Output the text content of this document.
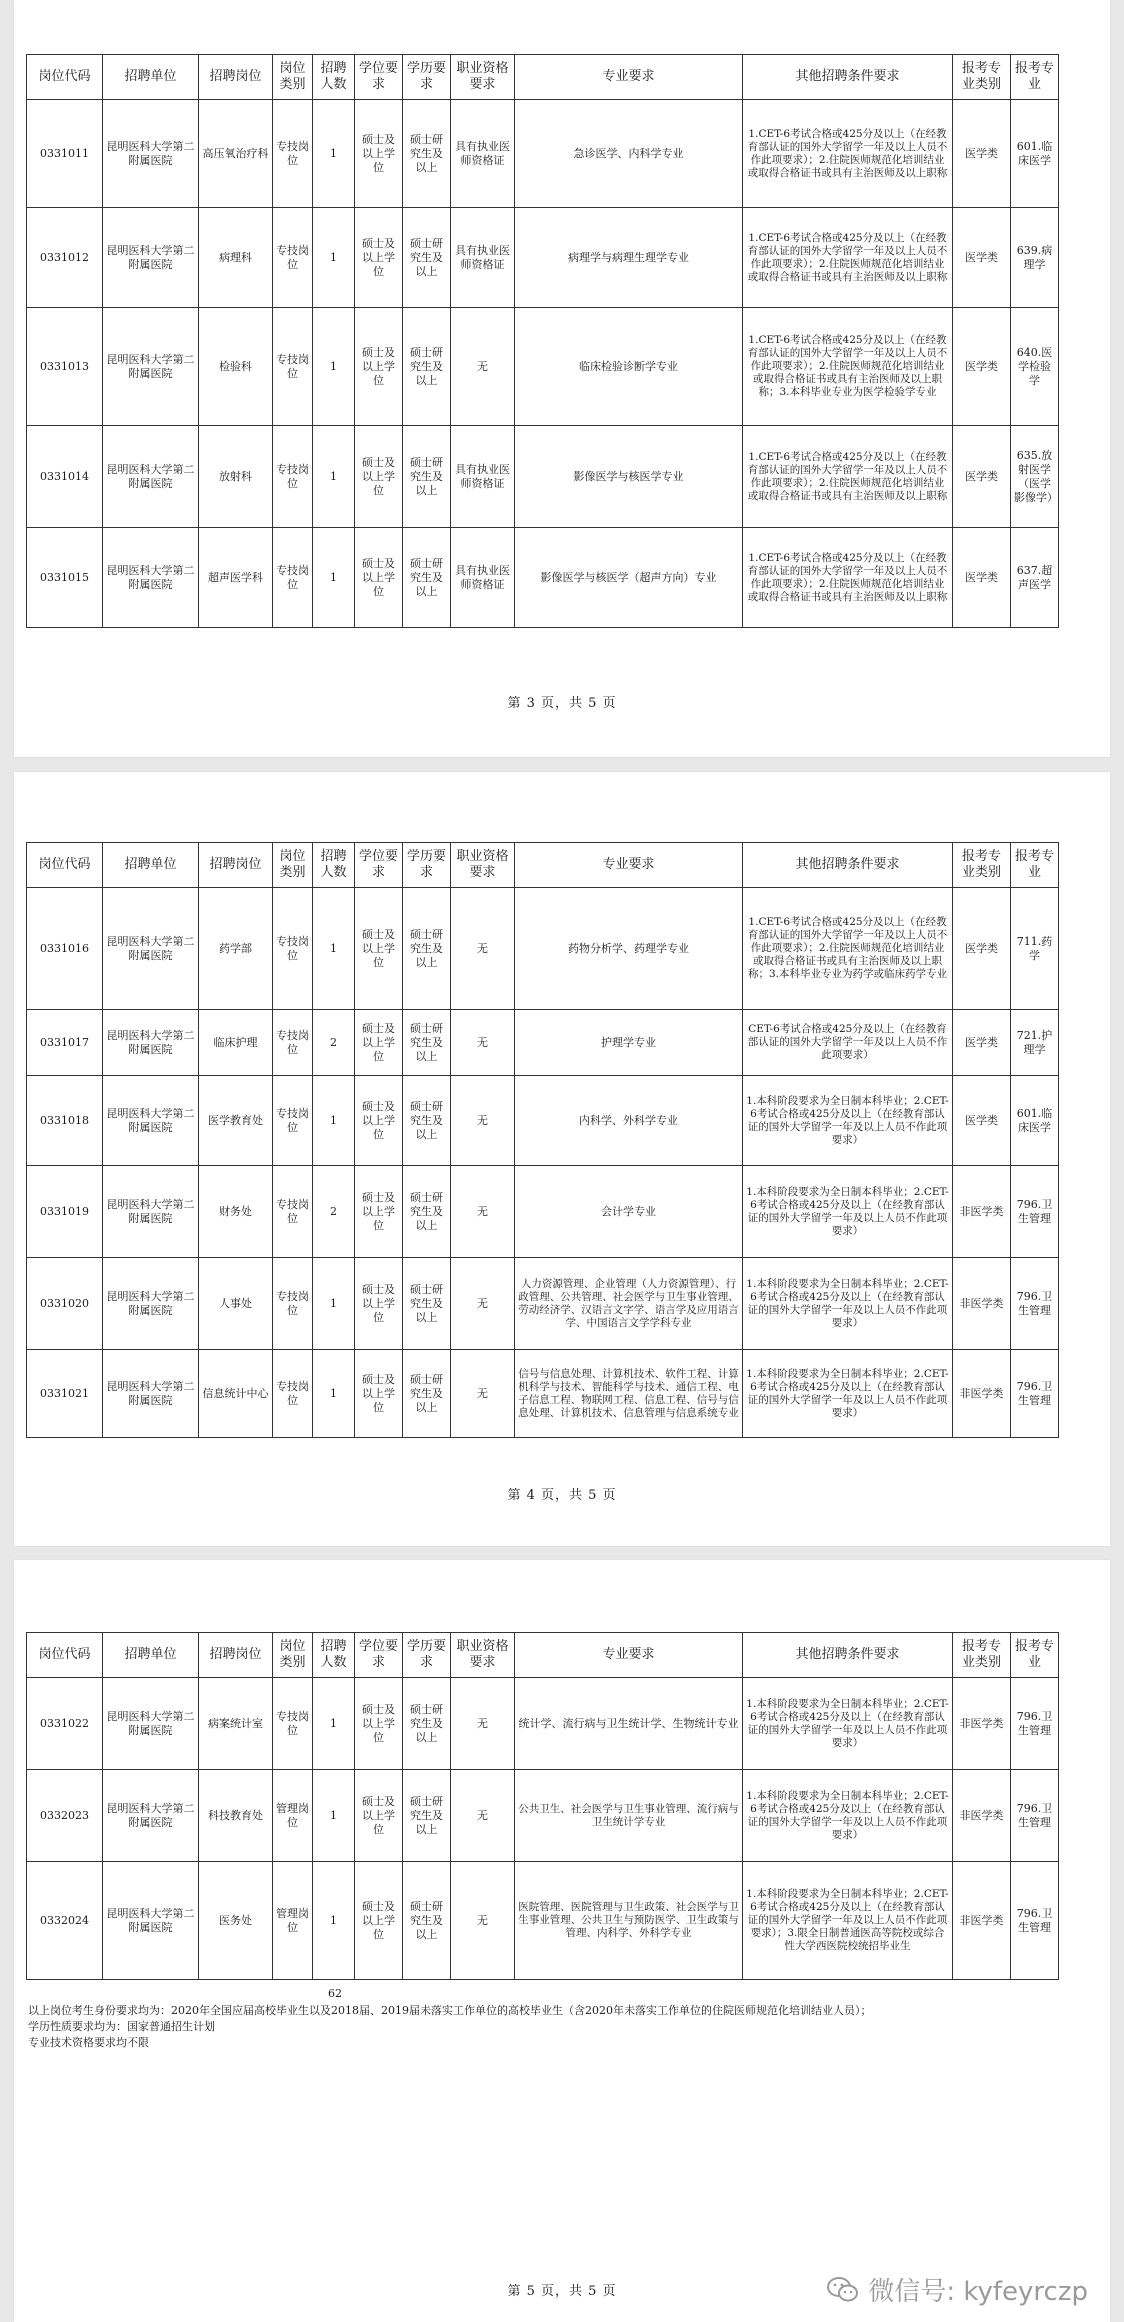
岗位代码	招聘单位	招聘岗位	岗位类别	招聘人数	学位要求	学历要求	职业资格要求	专业要求	其他招聘条件要求	报考专业类别	报考专业
0331011	昆明医科大学第二附属医院	高压氧治疗科	专技岗位	1	硕士及以上学位	硕士研究生及以上	具有执业医师资格证	急诊医学、内科学专业	1.CET-6考试合格或425分及以上（在经教育部认证的国外大学留学一年及以上人员不作此项要求）；2.住院医师规范化培训结业或取得合格证书或具有主治医师及以上职称	医学类	601.临床医学
0331012	昆明医科大学第二附属医院	病理科	专技岗位	1	硕士及以上学位	硕士研究生及以上	具有执业医师资格证	病理学与病理生理学专业	1.CET-6考试合格或425分及以上（在经教育部认证的国外大学留学一年及以上人员不作此项要求）；2.住院医师规范化培训结业或取得合格证书或具有主治医师及以上职称	医学类	639.病理学
0331013	昆明医科大学第二附属医院	检验科	专技岗位	1	硕士及以上学位	硕士研究生及以上	无	临床检验诊断学专业	1.CET-6考试合格或425分及以上（在经教育部认证的国外大学留学一年及以上人员不作此项要求）；2.住院医师规范化培训结业或取得合格证书或具有主治医师及以上职称；3.本科毕业专业为医学检验学专业	医学类	640.医学检验学
0331014	昆明医科大学第二附属医院	放射科	专技岗位	1	硕士及以上学位	硕士研究生及以上	具有执业医师资格证	影像医学与核医学专业	1.CET-6考试合格或425分及以上（在经教育部认证的国外大学留学一年及以上人员不作此项要求）；2.住院医师规范化培训结业或取得合格证书或具有主治医师及以上职称	医学类	635.放射医学（医学影像学）
0331015	昆明医科大学第二附属医院	超声医学科	专技岗位	1	硕士及以上学位	硕士研究生及以上	具有执业医师资格证	影像医学与核医学（超声方向）专业	1.CET-6考试合格或425分及以上（在经教育部认证的国外大学留学一年及以上人员不作此项要求）；2.住院医师规范化培训结业或取得合格证书或具有主治医师及以上职称	医学类	637.超声医学
第 3 页，共 5 页
岗位代码	招聘单位	招聘岗位	岗位类别	招聘人数	学位要求	学历要求	职业资格要求	专业要求	其他招聘条件要求	报考专业类别	报考专业
0331016	昆明医科大学第二附属医院	药学部	专技岗位	1	硕士及以上学位	硕士研究生及以上	无	药物分析学、药理学专业	1.CET-6考试合格或425分及以上（在经教育部认证的国外大学留学一年及以上人员不作此项要求）；2.住院医师规范化培训结业或取得合格证书或具有主治医师及以上职称；3.本科毕业专业为药学或临床药学专业	医学类	711.药学
0331017	昆明医科大学第二附属医院	临床护理	专技岗位	2	硕士及以上学位	硕士研究生及以上	无	护理学专业	CET-6考试合格或425分及以上（在经教育部认证的国外大学留学一年及以上人员不作此项要求）	医学类	721.护理学
0331018	昆明医科大学第二附属医院	医学教育处	专技岗位	1	硕士及以上学位	硕士研究生及以上	无	内科学、外科学专业	1.本科阶段要求为全日制本科毕业；2.CET-6考试合格或425分及以上（在经教育部认证的国外大学留学一年及以上人员不作此项要求）	医学类	601.临床医学
0331019	昆明医科大学第二附属医院	财务处	专技岗位	2	硕士及以上学位	硕士研究生及以上	无	会计学专业	1.本科阶段要求为全日制本科毕业；2.CET-6考试合格或425分及以上（在经教育部认证的国外大学留学一年及以上人员不作此项要求）	非医学类	796.卫生管理
0331020	昆明医科大学第二附属医院	人事处	专技岗位	1	硕士及以上学位	硕士研究生及以上	无	人力资源管理、企业管理（人力资源管理）、行政管理、公共管理、社会医学与卫生事业管理、劳动经济学、汉语言文字学、语言学及应用语言学、中国语言文学学科专业	1.本科阶段要求为全日制本科毕业；2.CET-6考试合格或425分及以上（在经教育部认证的国外大学留学一年及以上人员不作此项要求）	非医学类	796.卫生管理
0331021	昆明医科大学第二附属医院	信息统计中心	专技岗位	1	硕士及以上学位	硕士研究生及以上	无	信号与信息处理、计算机技术、软件工程、计算机科学与技术、智能科学与技术、通信工程、电子信息工程、物联网工程、信息工程、信号与信息处理、计算机技术、信息管理与信息系统专业	1.本科阶段要求为全日制本科毕业；2.CET-6考试合格或425分及以上（在经教育部认证的国外大学留学一年及以上人员不作此项要求）	非医学类	796.卫生管理
第 4 页，共 5 页
岗位代码	招聘单位	招聘岗位	岗位类别	招聘人数	学位要求	学历要求	职业资格要求	专业要求	其他招聘条件要求	报考专业类别	报考专业
0331022	昆明医科大学第二附属医院	病案统计室	专技岗位	1	硕士及以上学位	硕士研究生及以上	无	统计学、流行病与卫生统计学、生物统计专业	1.本科阶段要求为全日制本科毕业；2.CET-6考试合格或425分及以上（在经教育部认证的国外大学留学一年及以上人员不作此项要求）	非医学类	796.卫生管理
0332023	昆明医科大学第二附属医院	科技教育处	管理岗位	1	硕士及以上学位	硕士研究生及以上	无	公共卫生、社会医学与卫生事业管理、流行病与卫生统计学专业	1.本科阶段要求为全日制本科毕业；2.CET-6考试合格或425分及以上（在经教育部认证的国外大学留学一年及以上人员不作此项要求）	非医学类	796.卫生管理
0332024	昆明医科大学第二附属医院	医务处	管理岗位	1	硕士及以上学位	硕士研究生及以上	无	医院管理、医院管理与卫生政策、社会医学与卫生事业管理、公共卫生与预防医学、卫生政策与管理、内科学、外科学专业	1.本科阶段要求为全日制本科毕业；2.CET-6考试合格或425分及以上（在经教育部认证的国外大学留学一年及以上人员不作此项要求）；3.限全日制普通医高等院校或综合性大学西医院校统招毕业生	非医学类	796.卫生管理
62
以上岗位考生身份要求均为：2020年全国应届高校毕业生以及2018届、2019届未落实工作单位的高校毕业生（含2020年未落实工作单位的住院医师规范化培训结业人员）；
学历性质要求均为：国家普通招生计划
专业技术资格要求均不限
第 5 页，共 5 页	微信号: kyfeyrczp
